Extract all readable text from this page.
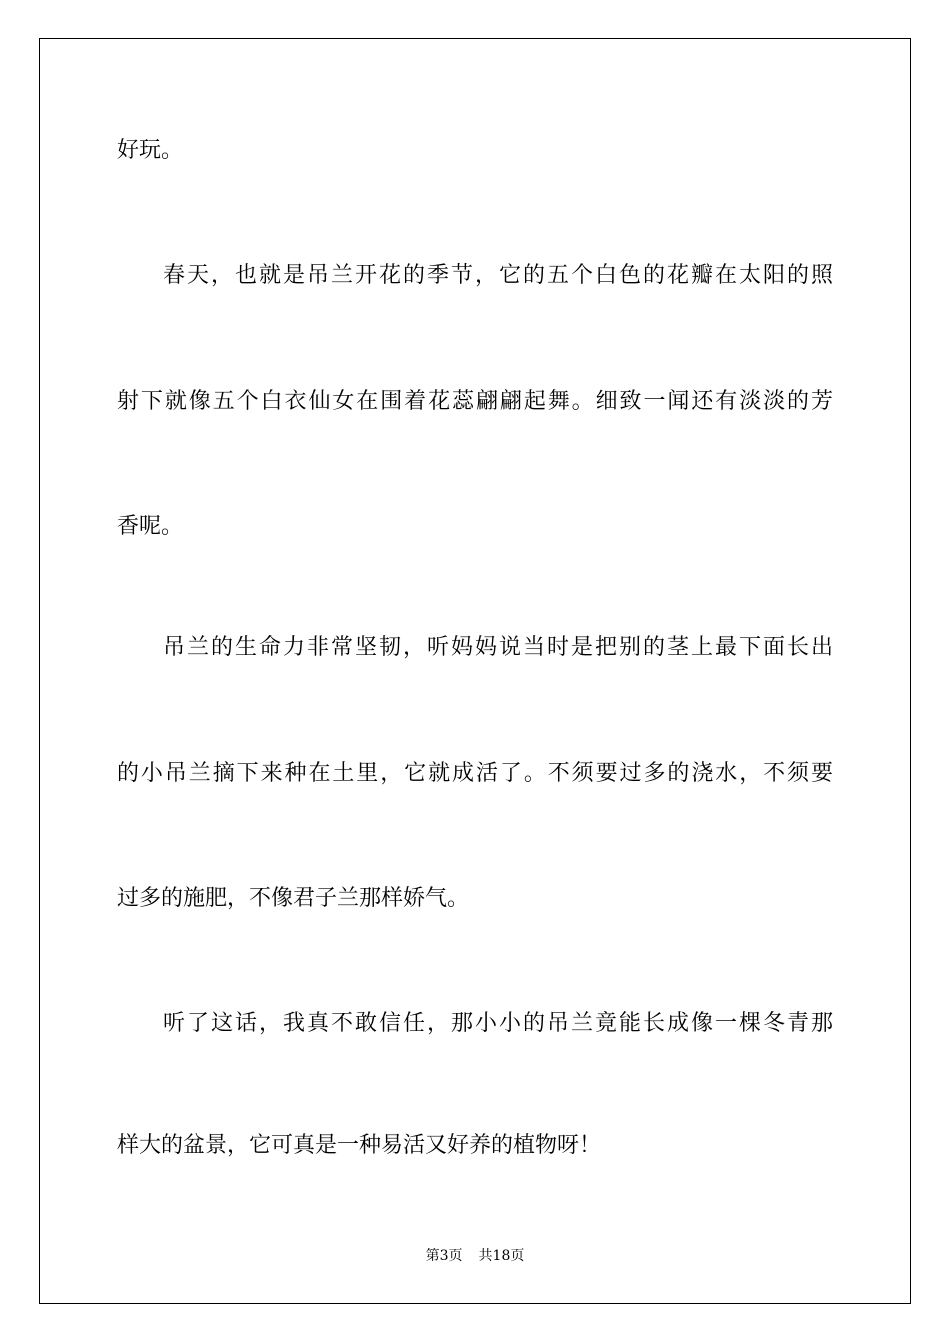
好玩。
春天，也就是吊兰开花的季节，它的五个白色的花瓣在太阳的照
射下就像五个白衣仙女在围着花蕊翩翩起舞。细致一闻还有淡淡的芳
香呢。
吊兰的生命力非常坚韧，听妈妈说当时是把别的茎上最下面长出
的小吊兰摘下来种在土里，它就成活了。不须要过多的浇水，不须要
过多的施肥，不像君子兰那样娇气。
听了这话，我真不敢信任，那小小的吊兰竟能长成像一棵冬青那
样大的盆景，它可真是一种易活又好养的植物呀！
第3页 共18页
